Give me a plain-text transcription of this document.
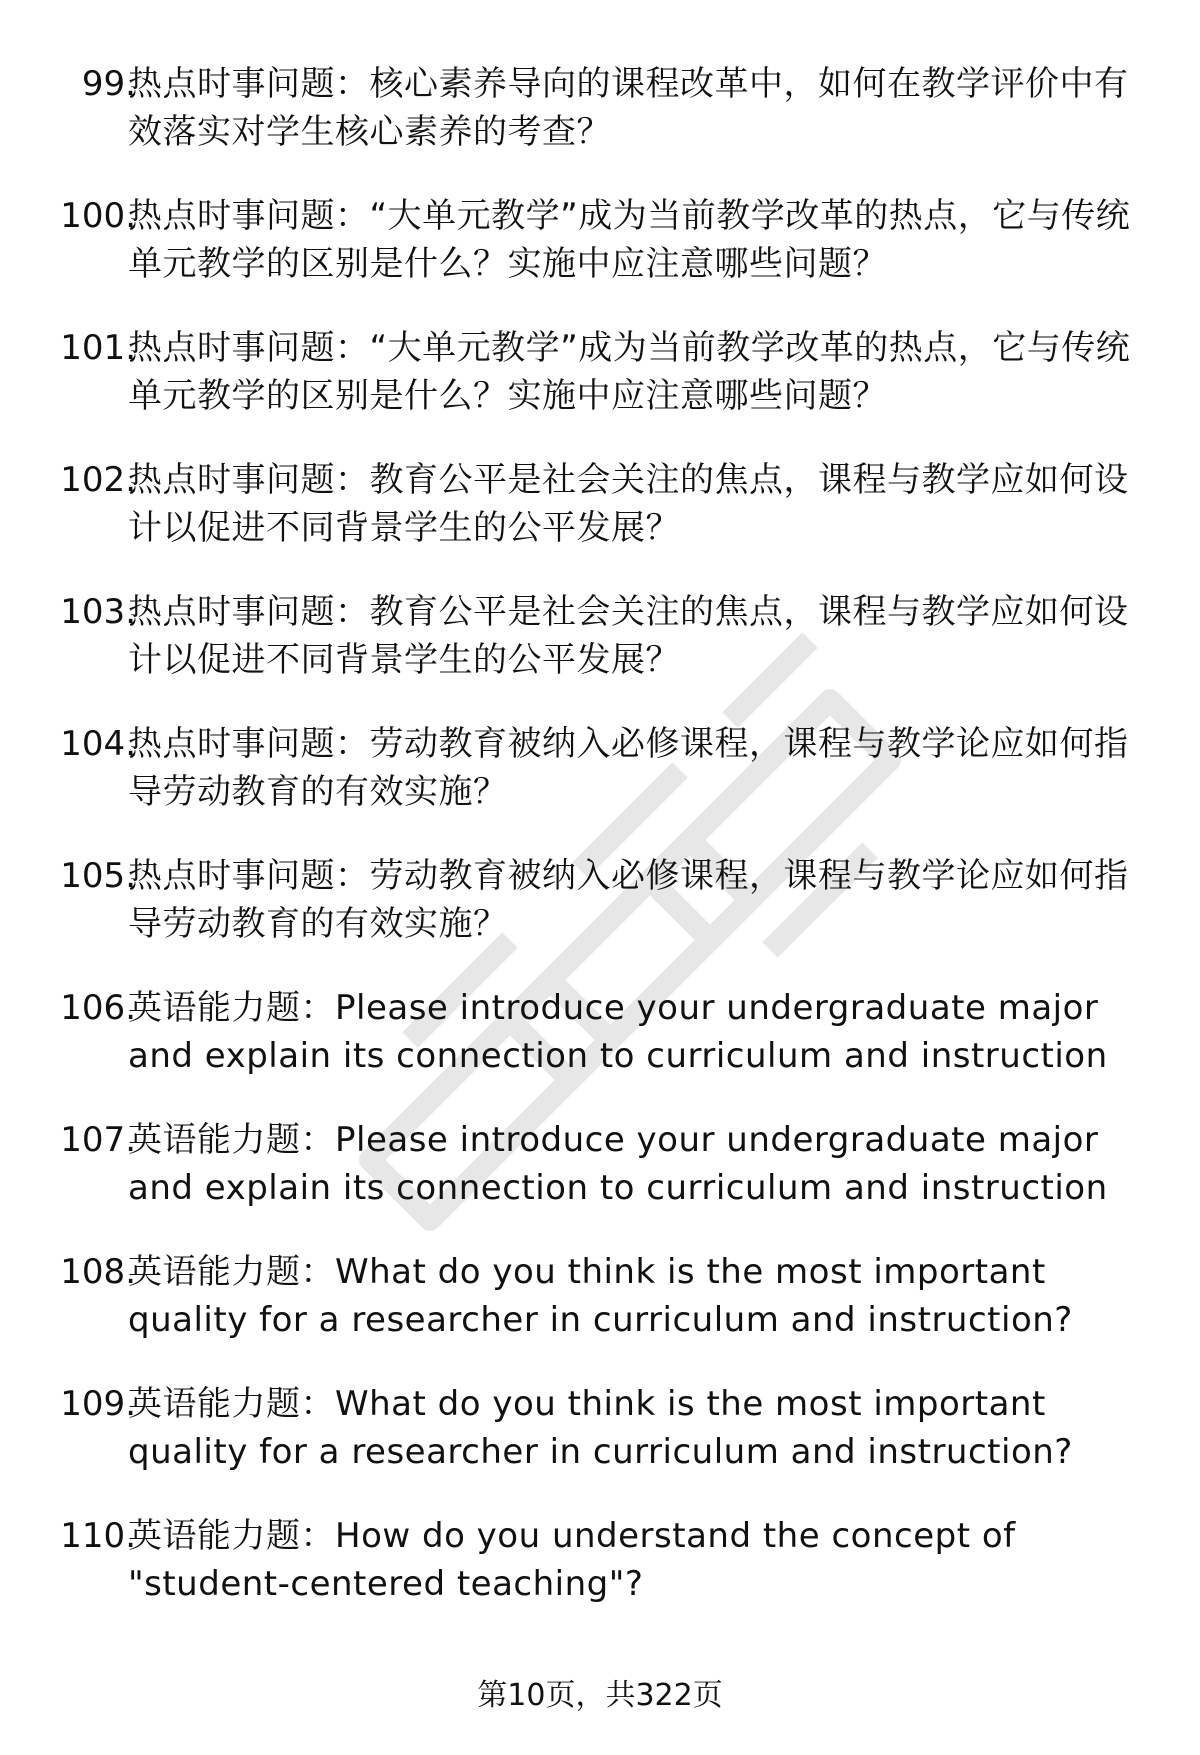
99.
热点时事问题：核心素养导向的课程改革中，如何在教学评价中有效落实对学生核心素养的考查？
100.
热点时事问题：“大单元教学”成为当前教学改革的热点，它与传统单元教学的区别是什么？实施中应注意哪些问题？
101.
热点时事问题：“大单元教学”成为当前教学改革的热点，它与传统单元教学的区别是什么？实施中应注意哪些问题？
102.
热点时事问题：教育公平是社会关注的焦点，课程与教学应如何设计以促进不同背景学生的公平发展？
103.
热点时事问题：教育公平是社会关注的焦点，课程与教学应如何设计以促进不同背景学生的公平发展？
104.
热点时事问题：劳动教育被纳入必修课程，课程与教学论应如何指导劳动教育的有效实施？
105.
热点时事问题：劳动教育被纳入必修课程，课程与教学论应如何指导劳动教育的有效实施？
106.
英语能力题：Please introduce your undergraduate major and explain its connection to curriculum and instruction
107.
英语能力题：Please introduce your undergraduate major and explain its connection to curriculum and instruction
108.
英语能力题：What do you think is the most important quality for a researcher in curriculum and instruction?
109.
英语能力题：What do you think is the most important quality for a researcher in curriculum and instruction?
110.
英语能力题：How do you understand the concept of "student-centered teaching"?
第10页，共322页
